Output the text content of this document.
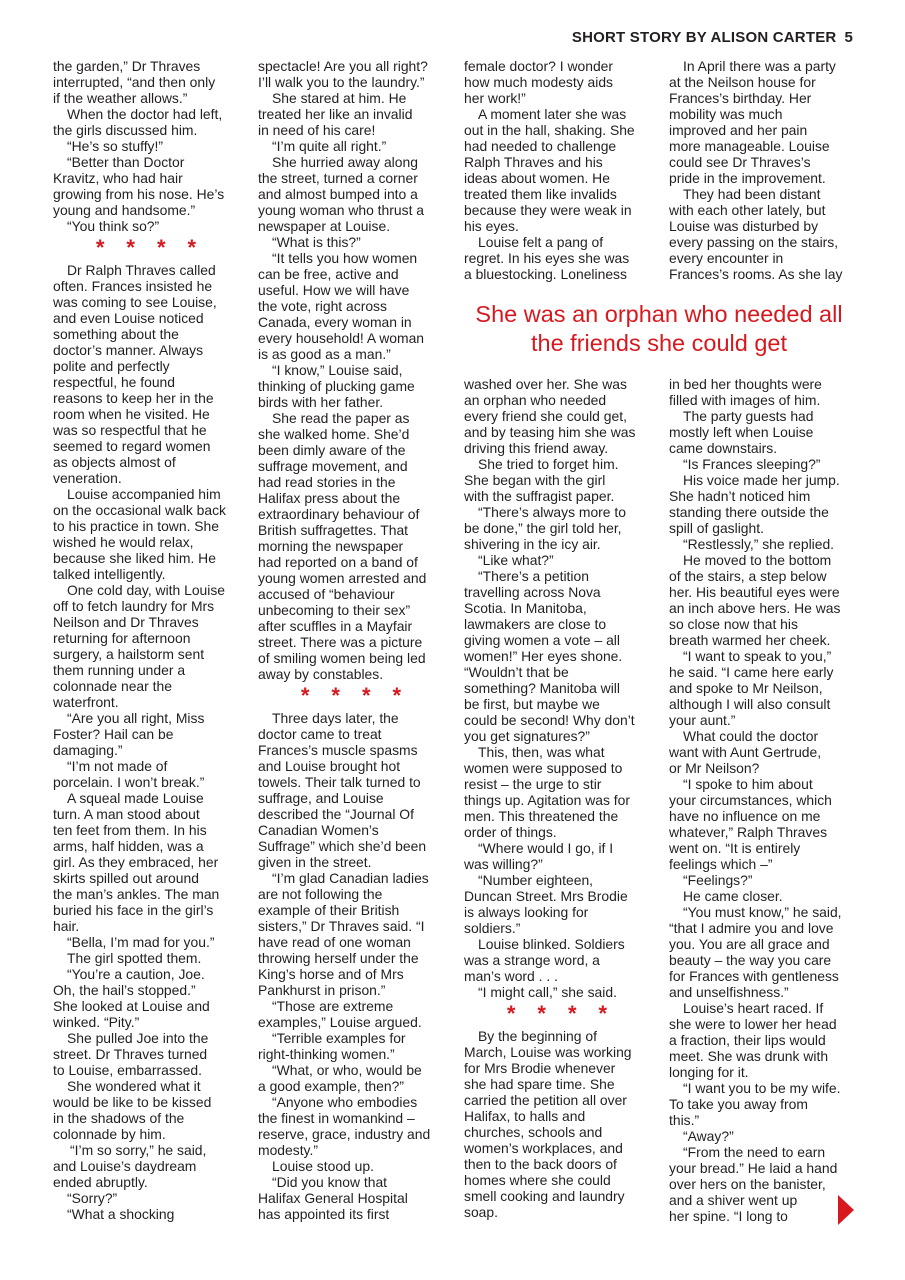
SHORT STORY BY ALISON CARTER 5

the garden,” Dr Thraves

interrupted, “and then only

if the weather allows.”

When the doctor had left,

the girls discussed him.

“He’s so stuffy!”

“Better than Doctor

Kravitz, who had hair

growing from his nose. He’s

young and handsome.”

“You think so?”

****

Dr Ralph Thraves called

often. Frances insisted he

was coming to see Louise,

and even Louise noticed

something about the

doctor’s manner. Always

polite and perfectly

respectful, he found

reasons to keep her in the

room when he visited. He

was so respectful that he

seemed to regard women

as objects almost of

veneration.

Louise accompanied him

on the occasional walk back

to his practice in town. She

wished he would relax,

because she liked him. He

talked intelligently.

One cold day, with Louise

off to fetch laundry for Mrs

Neilson and Dr Thraves

returning for afternoon

surgery, a hailstorm sent

them running under a

colonnade near the

waterfront.

“Are you all right, Miss

Foster? Hail can be

damaging.”

“I’m not made of

porcelain. I won’t break.”

A squeal made Louise

turn. A man stood about

ten feet from them. In his

arms, half hidden, was a

girl. As they embraced, her

skirts spilled out around

the man’s ankles. The man

buried his face in the girl’s

hair.

“Bella, I’m mad for you.”

The girl spotted them.

“You’re a caution, Joe.

Oh, the hail’s stopped.”

She looked at Louise and

winked. “Pity.”

She pulled Joe into the

street. Dr Thraves turned

to Louise, embarrassed.

She wondered what it

would be like to be kissed

in the shadows of the

colonnade by him.

“I’m so sorry,” he said,

and Louise’s daydream

ended abruptly.

“Sorry?”

“What a shocking

spectacle! Are you all right?

I’ll walk you to the laundry.”

She stared at him. He

treated her like an invalid

in need of his care!

“I’m quite all right.”

She hurried away along

the street, turned a corner

and almost bumped into a

young woman who thrust a

newspaper at Louise.

“What is this?”

“It tells you how women

can be free, active and

useful. How we will have

the vote, right across

Canada, every woman in

every household! A woman

is as good as a man.”

“I know,” Louise said,

thinking of plucking game

birds with her father.

She read the paper as

she walked home. She’d

been dimly aware of the

suffrage movement, and

had read stories in the

Halifax press about the

extraordinary behaviour of

British suffragettes. That

morning the newspaper

had reported on a band of

young women arrested and

accused of “behaviour

unbecoming to their sex”

after scuffles in a Mayfair

street. There was a picture

of smiling women being led

away by constables.

****

Three days later, the

doctor came to treat

Frances’s muscle spasms

and Louise brought hot

towels. Their talk turned to

suffrage, and Louise

described the “Journal Of

Canadian Women’s

Suffrage” which she’d been

given in the street.

“I’m glad Canadian ladies

are not following the

example of their British

sisters,” Dr Thraves said. “I

have read of one woman

throwing herself under the

King’s horse and of Mrs

Pankhurst in prison.”

“Those are extreme

examples,” Louise argued.

“Terrible examples for

right-thinking women.”

“What, or who, would be

a good example, then?”

“Anyone who embodies

the finest in womankind –

reserve, grace, industry and

modesty.”

Louise stood up.

“Did you know that

Halifax General Hospital

has appointed its first

female doctor? I wonder

how much modesty aids

her work!”

A moment later she was

out in the hall, shaking. She

had needed to challenge

Ralph Thraves and his

ideas about women. He

treated them like invalids

because they were weak in

his eyes.

Louise felt a pang of

regret. In his eyes she was

a bluestocking. Loneliness

In April there was a party

at the Neilson house for

Frances’s birthday. Her

mobility was much

improved and her pain

more manageable. Louise

could see Dr Thraves’s

pride in the improvement.

They had been distant

with each other lately, but

Louise was disturbed by

every passing on the stairs,

every encounter in

Frances’s rooms. As she lay

She was an orphan who needed all
the friends she could get

washed over her. She was

an orphan who needed

every friend she could get,

and by teasing him she was

driving this friend away.

She tried to forget him.

She began with the girl

with the suffragist paper.

“There’s always more to

be done,” the girl told her,

shivering in the icy air.

“Like what?”

“There’s a petition

travelling across Nova

Scotia. In Manitoba,

lawmakers are close to

giving women a vote – all

women!” Her eyes shone.

“Wouldn’t that be

something? Manitoba will

be first, but maybe we

could be second! Why don’t

you get signatures?”

This, then, was what

women were supposed to

resist – the urge to stir

things up. Agitation was for

men. This threatened the

order of things.

“Where would I go, if I

was willing?”

“Number eighteen,

Duncan Street. Mrs Brodie

is always looking for

soldiers.”

Louise blinked. Soldiers

was a strange word, a

man’s word . . .

“I might call,” she said.

****

By the beginning of

March, Louise was working

for Mrs Brodie whenever

she had spare time. She

carried the petition all over

Halifax, to halls and

churches, schools and

women’s workplaces, and

then to the back doors of

homes where she could

smell cooking and laundry

soap.

in bed her thoughts were

filled with images of him.

The party guests had

mostly left when Louise

came downstairs.

“Is Frances sleeping?”

His voice made her jump.

She hadn’t noticed him

standing there outside the

spill of gaslight.

“Restlessly,” she replied.

He moved to the bottom

of the stairs, a step below

her. His beautiful eyes were

an inch above hers. He was

so close now that his

breath warmed her cheek.

“I want to speak to you,”

he said. “I came here early

and spoke to Mr Neilson,

although I will also consult

your aunt.”

What could the doctor

want with Aunt Gertrude,

or Mr Neilson?

“I spoke to him about

your circumstances, which

have no influence on me

whatever,” Ralph Thraves

went on. “It is entirely

feelings which –”

“Feelings?”

He came closer.

“You must know,” he said,

“that I admire you and love

you. You are all grace and

beauty – the way you care

for Frances with gentleness

and unselfishness.”

Louise’s heart raced. If

she were to lower her head

a fraction, their lips would

meet. She was drunk with

longing for it.

“I want you to be my wife.

To take you away from

this.”

“Away?”

“From the need to earn

your bread.” He laid a hand

over hers on the banister,

and a shiver went up

her spine. “I long to
